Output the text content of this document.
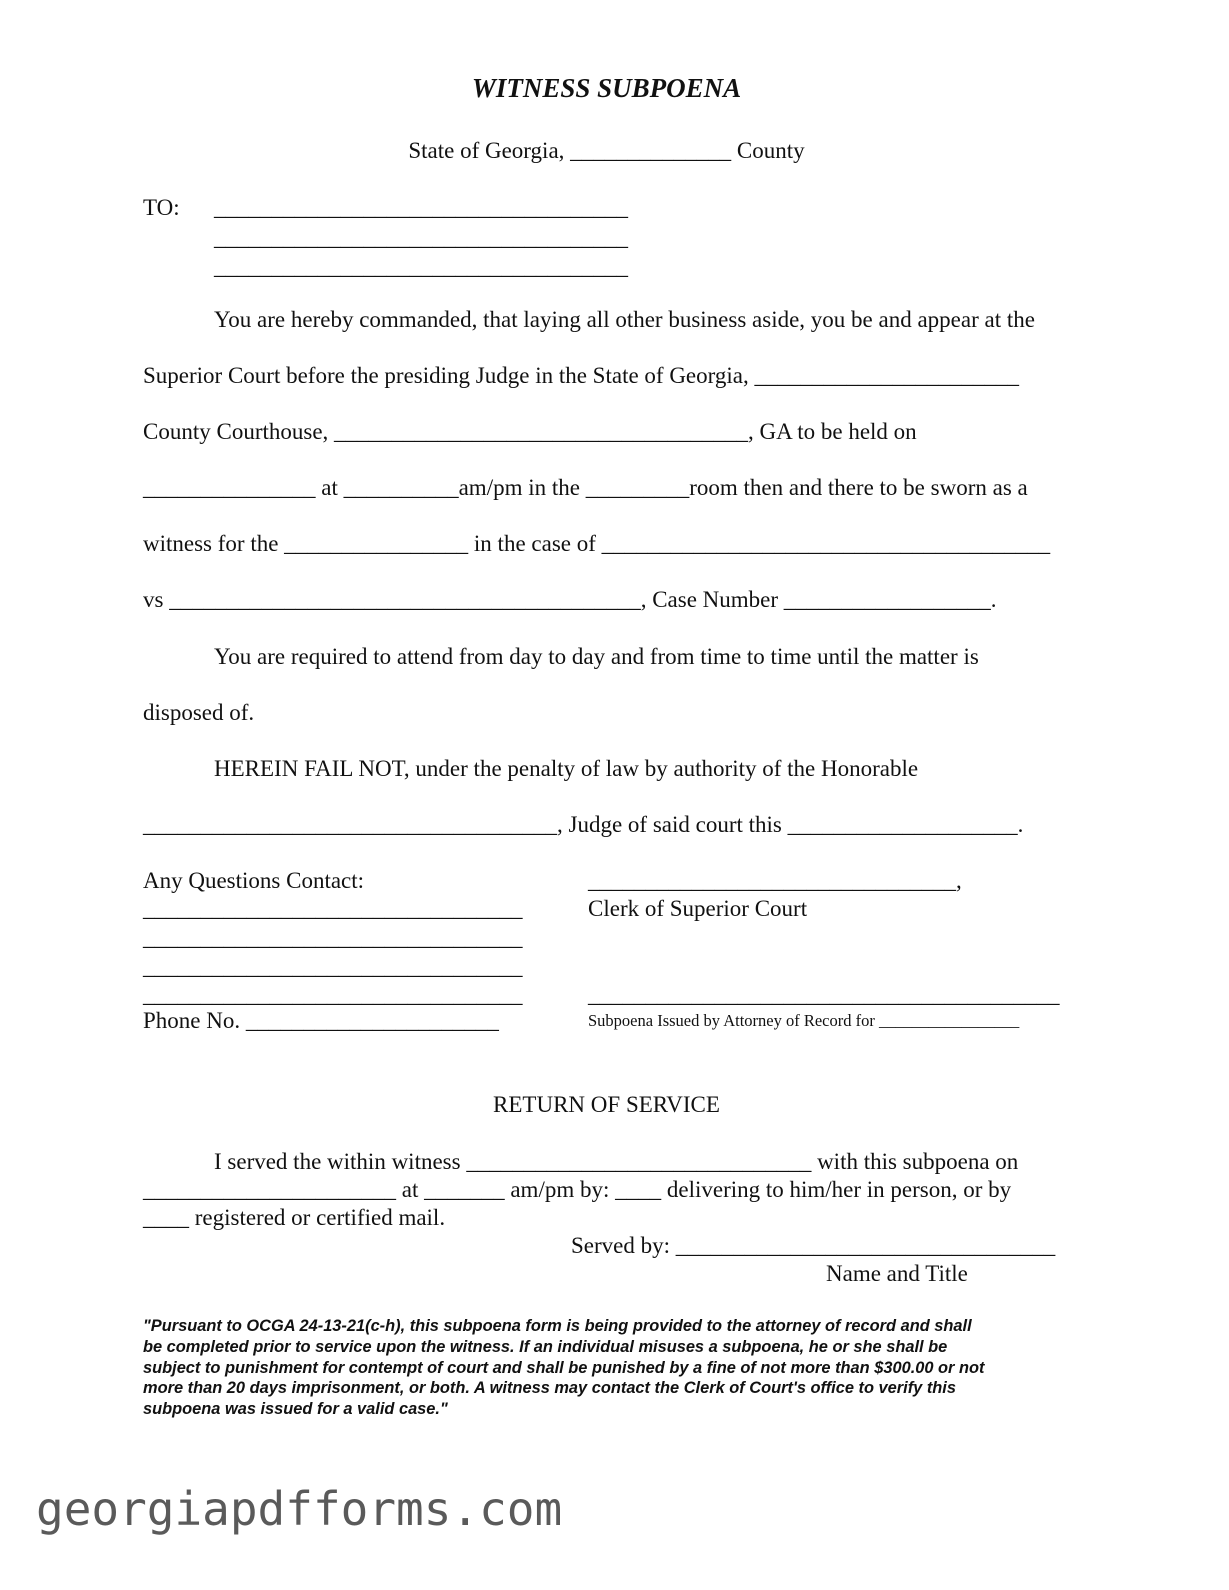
WITNESS SUBPOENA
State of Georgia, ______________ County
TO: ____________________________________
____________________________________
____________________________________
You are hereby commanded, that laying all other business aside, you be and appear at the
Superior Court before the presiding Judge in the State of Georgia, _______________________
County Courthouse, ____________________________________, GA to be held on
_______________ at __________am/pm in the _________room then and there to be sworn as a
witness for the ________________ in the case of _______________________________________
vs _________________________________________, Case Number __________________.
You are required to attend from day to day and from time to time until the matter is
disposed of.
HEREIN FAIL NOT, under the penalty of law by authority of the Honorable
____________________________________, Judge of said court this ____________________.
Any Questions Contact:
_________________________________
_________________________________
_________________________________
_________________________________
Phone No. ______________________
________________________________,
Clerk of Superior Court
_________________________________________
Subpoena Issued by Attorney of Record for _________________
RETURN OF SERVICE
I served the within witness ______________________________ with this subpoena on
______________________ at _______ am/pm by: ____ delivering to him/her in person, or by
____ registered or certified mail.
Served by: _________________________________
Name and Title
"Pursuant to OCGA 24-13-21(c-h), this subpoena form is being provided to the attorney of record and shall
be completed prior to service upon the witness. If an individual misuses a subpoena, he or she shall be
subject to punishment for contempt of court and shall be punished by a fine of not more than $300.00 or not
more than 20 days imprisonment, or both. A witness may contact the Clerk of Court's office to verify this
subpoena was issued for a valid case."
georgiapdfforms.com
